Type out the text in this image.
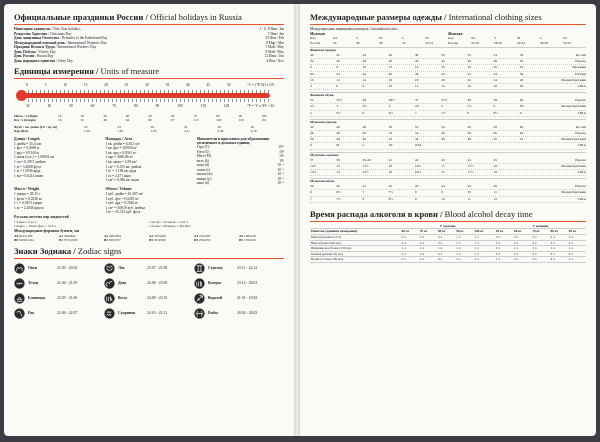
Официальные праздники России / Official holidays in Russia
Новогодние каникулы / New Year holidays	1 - 6, 8 Янв / Jan
Рождество Христово / Christmas Day	7 Янв / Jan
День защитника Отечества / Defender of the Fatherland Day	23 Фев / Feb
Международный женский день / International Women's Day	8 Мар / Mar
Праздник Весны и Труда / International Workers' Day	1 Май / May
День Победы / Victory Day	9 Май / May
День России / Russia Day	12 Июн / Jun
День народного единства / Unity Day	4 Ноя / Nov
Единицы измерения / Units of measure
0	5	10	15	20	25	30	35	40	45	50	°C = (°F-32) x 5/9
32	40	50	60	70	80	90	100	110	120	°F = °C x 9/5 + 32
Миль / ч (Mph)	10	20	30	40	50	60	70	80	90	100
Км / ч (Kmph)	16	32	48	64	80	97	113	129	145	161
Фунт / кв. дюйм (Lb / Sq. in)	20	24	28	32	36	40
Бар (Bar)	1,38	1,65	1,93	2,21	2,48	2,76
Длина / Length
1 дюйм = 25,4 мм
1 фут = 0,3048 м
1 ярд = 0,9144 м
1 миля (сух.) = 1,60934 км
1 см = 0,3937 дюйма
1 м = 3,2808 фута
1 м = 1,0936 ярда
1 км = 0,6214 мили
Площадь / Area
1 кв. дюйм = 6,452 см²
1 кв. фут = 0,0929 м²
1 кв. ярд = 0,8361 м²
1 акр = 4046,86 м²
1 кв. миля = 2,59 км²
1 см² = 0,155 кв. дюйма
1 м² = 1,196 кв. ярда
1 га = 2,471 акра
1 км² = 0,386 кв. мили
Множители и приставки для образования десятичных и дольных единиц
Тера (T)	10¹²
Гига (G)	10⁹
Мега (M)	10⁶
кило (k)	10³
деци (d)	10⁻¹
санти (c)	10⁻²
милли (m)	10⁻³
микро (μ)	10⁻⁶
нано (n)	10⁻⁹
Масса / Weight
1 унция = 28,35 г
1 фунт = 0,4536 кг
1 г = 0,0353 унции
1 кг = 2,2046 фунта
Объем / Volume
1 куб. дюйм = 16,387 см³
1 куб. фут = 0,0283 м³
1 куб. ярд = 0,7646 м³
1 см³ = 0,0610 куб. дюйма
1 м³ = 35,315 куб. фута
Русская система мер жидкостей
1 чарка = 0,12 л	1 штоф = 10 чарок = 1,23 л
1 ведро = 10 штофов = 12,3 л	1 бочка = 40 ведер = 491,96 л
Международные форматы бумаги, мм
A0 841x1189	A1 594x841	A2 420x594	A3 297x420	A4 210x297	A5 148x210
B0 1000x1414	B1 707x1000	B2 500x707	B3 353x500	B4 250x353	B5 176x250
Знаки Зодиака / Zodiac signs
Овен	21.03 - 20.04	Лев	23.07 - 21.08	Стрелец	23.11 - 22.12
Телец	21.04 - 21.05	Дева	22.08 - 23.09	Козерог	23.12 - 20.01
Близнецы	22.05 - 21.06	Весы	24.09 - 23.10	Водолей	21.01 - 19.02
Рак	22.06 - 22.07	Скорпион	24.10 - 22.11	Рыбы	20.02 - 20.03
Международные размеры одежды / International clothing sizes
Международная маркировка размеров / International sizes
Мужская	Женская
Код	XS	S	M	L	XL	Код	XS	S	M	L	XL
Россия	44	46	48	50	52-54	Россия	32-36	38-40	42-44	46-48	50-52
Женская одежда
40	42	44	46	48	50	52	54	56	Россия
34	36	38	40	42	44	46	48	50	Европа
6	8	10	12	14	16	18	20	22	Франция
40	42	44	46	48	50	52	54	56	Италия
10	12	14	16	18	20	22	24	26	Великобритания
4	6	8	10	12	14	16	18	20	США
Женская обувь
35	35½	36	36½	37	37½	38	39	40	Европа
2½	3	3½	4	4½	5	5½	6	6½	Великобритания
5	5½	6	6½	7	7½	8	8½	9	США
Мужская одежда
44	46	48	50	52	54	56	58	60	Россия
46	48	50	52	54	56	58	60	62	Европа
36	38	40	42	44	46	48	50	52	Великобритания
S	M	L	XL	XXL	США
Мужские сорочки
37	38	39-40	41	42	43	44	45	Европа
14½	15	15½	16	16½	17	17½	18	Великобритания
14½	15	15½	16	16½	17	17½	18	США
Мужская обувь
39	40	41	42	43	44	45	46	Европа
6	6½	7	7½	8	9	10	11	Великобритания
7	7½	8	8½	9	10	11	12	США
Время распада алкоголя в крови / Blood alcohol decay time
	У мужчин					У женщин				
Напиток (единица измерения)	60 кг	70 кг	80 кг	90 кг	100 кг	50 кг	60 кг	70 кг	80 кг	90 кг
Пиво (бутылка 0,5 л)	2 ч	2 ч	2 ч	1 ч	1 ч	3 ч	2 ч	2 ч	2 ч	2 ч
Вино (бокал 200 мл)	2 ч	2 ч	2 ч	1 ч	1 ч	3 ч	2 ч	2 ч	2 ч	2 ч
Шампанское (бокал 150 мл)	1 ч	1 ч	1 ч	1 ч	1 ч	2 ч	1 ч	1 ч	1 ч	1 ч
Коньяк (рюмка 50 мл)	2 ч	2 ч	2 ч	1 ч	1 ч	3 ч	2 ч	2 ч	2 ч	2 ч
Водка (стопка 100 мл)	5 ч	4 ч	4 ч	3 ч	3 ч	7 ч	5 ч	4 ч	4 ч	3 ч
